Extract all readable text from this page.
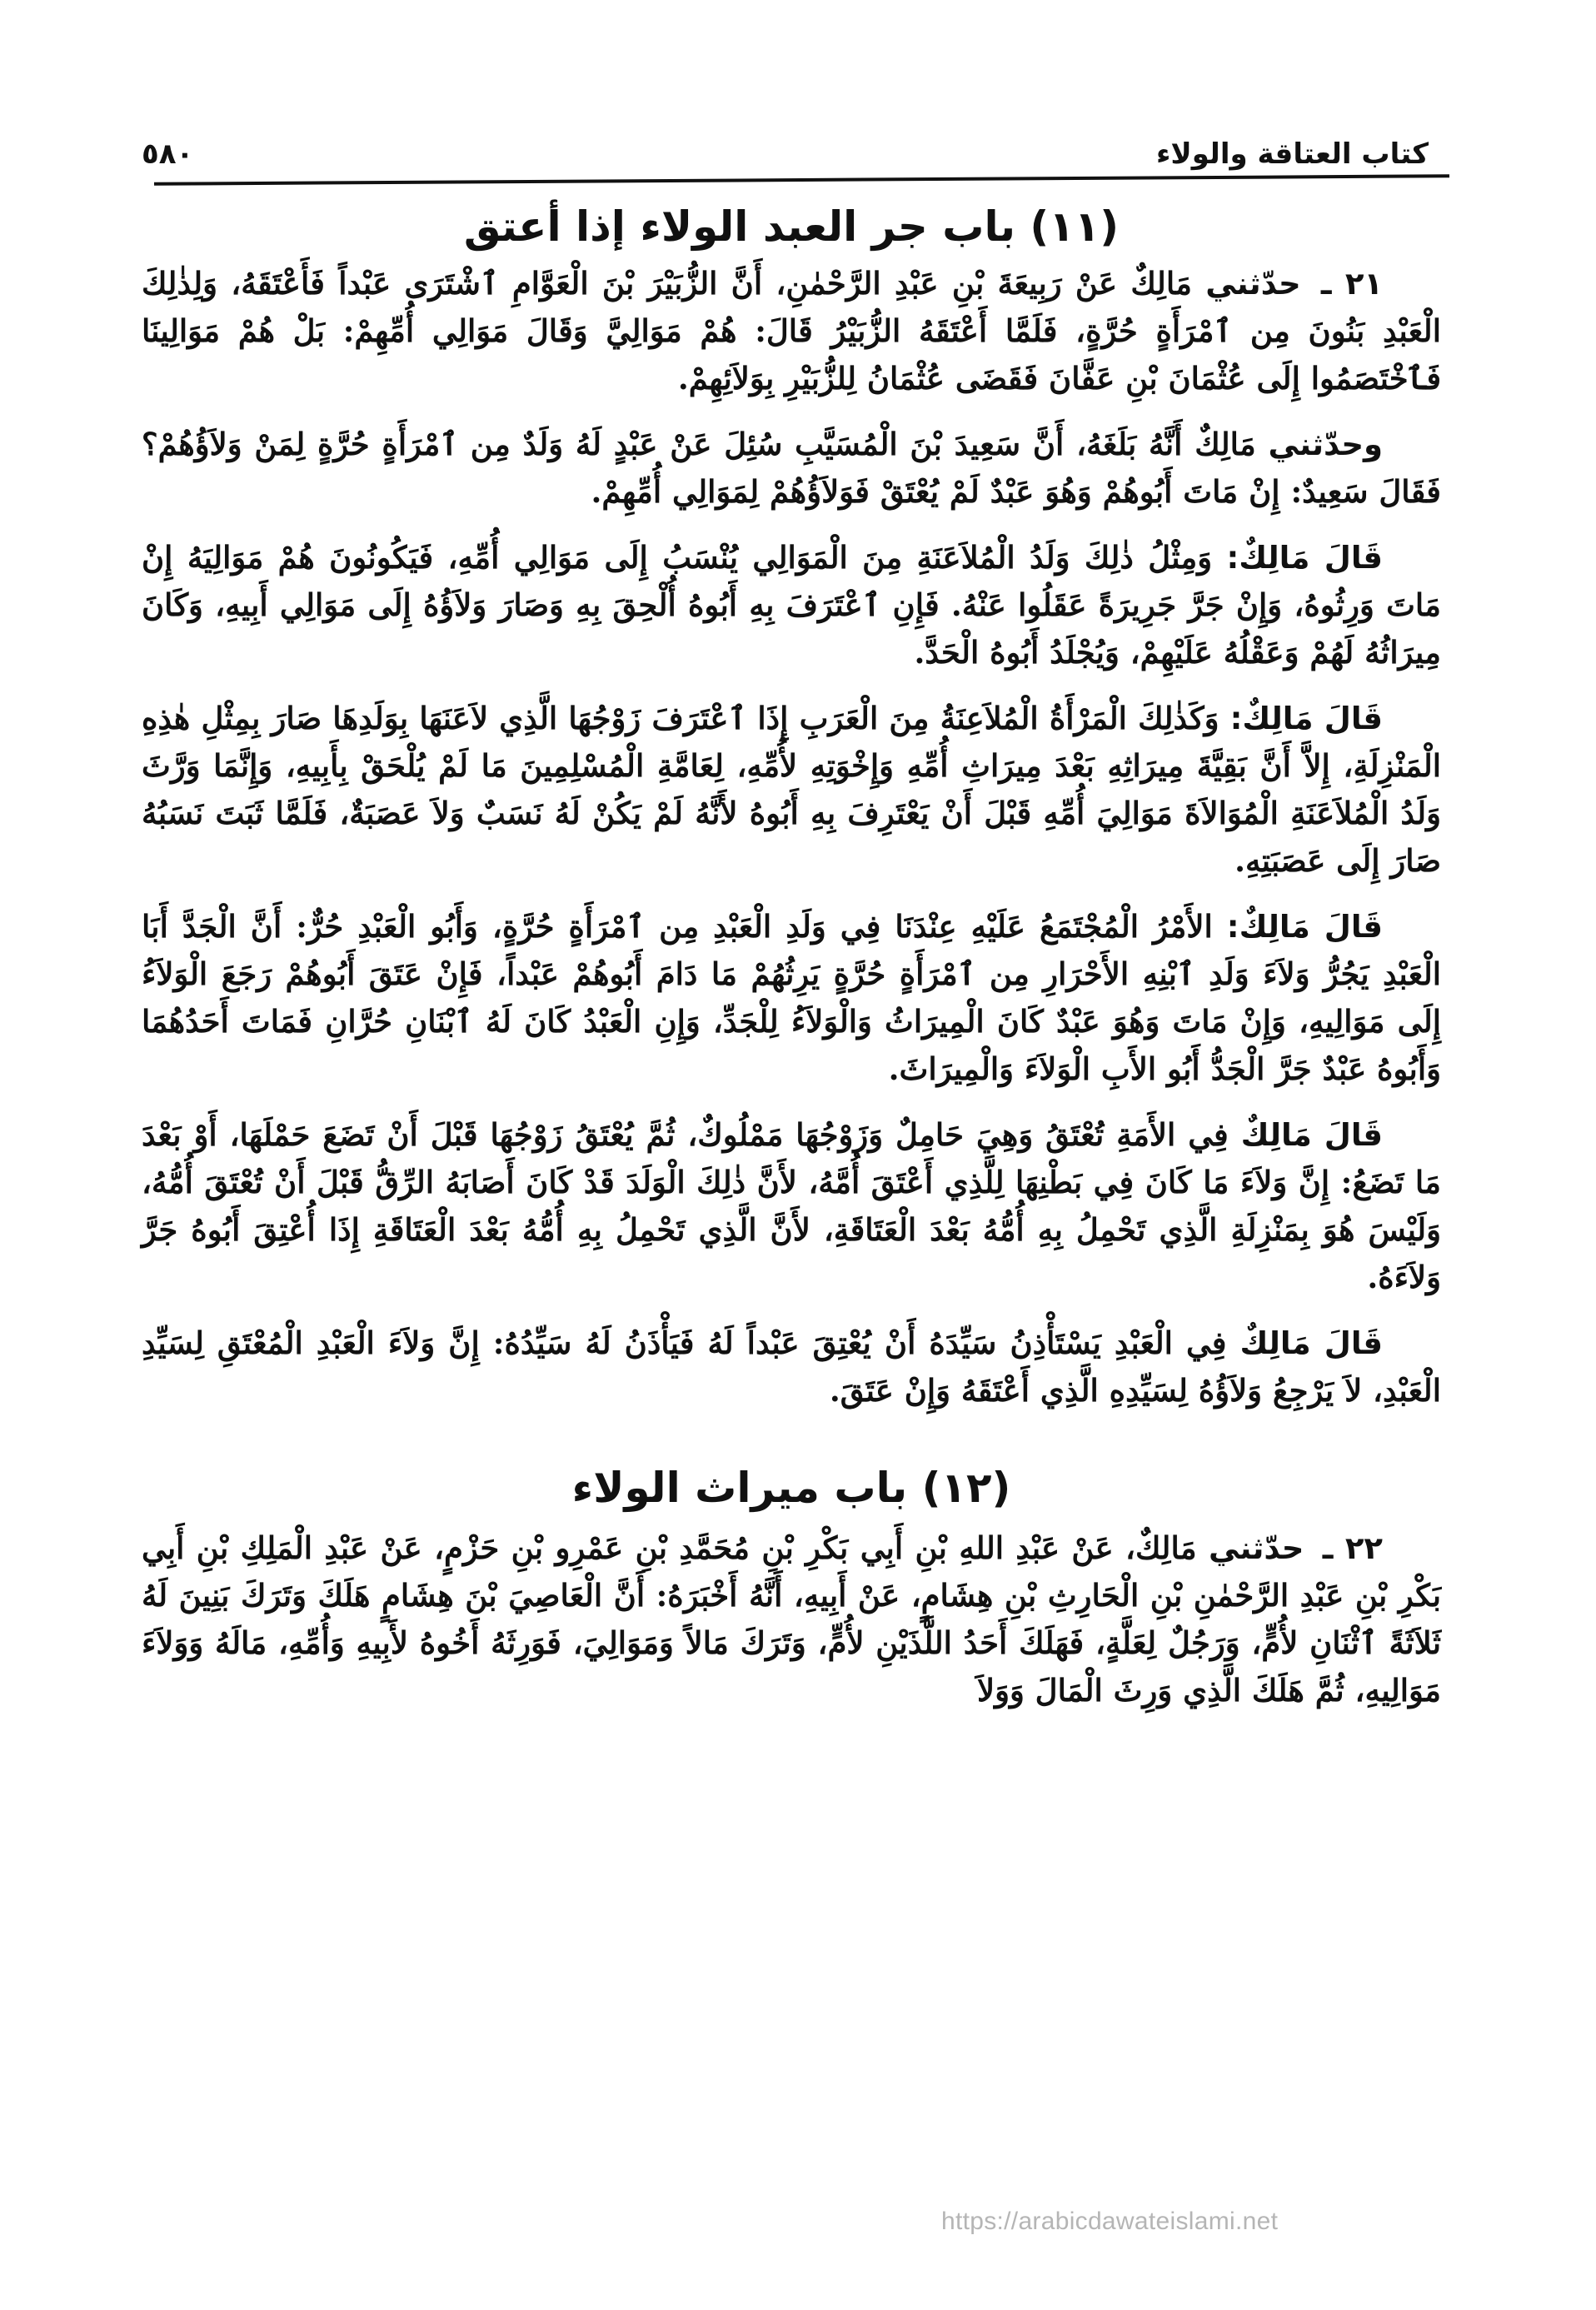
كتاب العتاقة والولاء
٥٨٠
(١١) باب جر العبد الولاء إذا أعتق

٢١ ـ حدّثني مَالِكٌ عَنْ رَبِيعَةَ بْنِ عَبْدِ الرَّحْمٰنِ، أَنَّ الزُّبَيْرَ بْنَ الْعَوَّامِ ٱشْتَرَى عَبْداً فَأَعْتَقَهُ، وَلِذٰلِكَ الْعَبْدِ بَنُونَ مِن ٱمْرَأَةٍ حُرَّةٍ، فَلَمَّا أَعْتَقَهُ الزُّبَيْرُ قَالَ: هُمْ مَوَالِيَّ وَقَالَ مَوَالِي أُمِّهِمْ: بَلْ هُمْ مَوَالِينَا فَٱخْتَصَمُوا إِلَى عُثْمَانَ بْنِ عَفَّانَ فَقَضَى عُثْمَانُ لِلزُّبَيْرِ بِوَلاَئِهِمْ.

وحدّثني مَالِكٌ أَنَّهُ بَلَغَهُ، أَنَّ سَعِيدَ بْنَ الْمُسَيَّبِ سُئِلَ عَنْ عَبْدٍ لَهُ وَلَدٌ مِن ٱمْرَأَةٍ حُرَّةٍ لِمَنْ وَلاَؤُهُمْ؟ فَقَالَ سَعِيدٌ: إِنْ مَاتَ أَبُوهُمْ وَهُوَ عَبْدٌ لَمْ يُعْتَقْ فَوَلاَؤُهُمْ لِمَوَالِي أُمِّهِمْ.

قَالَ مَالِكٌ: وَمِثْلُ ذٰلِكَ وَلَدُ الْمُلاَعَنَةِ مِنَ الْمَوَالِي يُنْسَبُ إِلَى مَوَالِي أُمِّهِ، فَيَكُونُونَ هُمْ مَوَالِيَهُ إِنْ مَاتَ وَرِثُوهُ، وَإِنْ جَرَّ جَرِيرَةً عَقَلُوا عَنْهُ. فَإِنِ ٱعْتَرَفَ بِهِ أَبُوهُ أُلْحِقَ بِهِ وَصَارَ وَلاَؤُهُ إِلَى مَوَالِي أَبِيهِ، وَكَانَ مِيرَاثُهُ لَهُمْ وَعَقْلُهُ عَلَيْهِمْ، وَيُجْلَدُ أَبُوهُ الْحَدَّ.

قَالَ مَالِكٌ: وَكَذٰلِكَ الْمَرْأَةُ الْمُلاَعِنَةُ مِنَ الْعَرَبِ إِذَا ٱعْتَرَفَ زَوْجُهَا الَّذِي لاَعَنَهَا بِوَلَدِهَا صَارَ بِمِثْلِ هٰذِهِ الْمَنْزِلَةِ، إِلاَّ أَنَّ بَقِيَّةَ مِيرَاثِهِ بَعْدَ مِيرَاثِ أُمِّهِ وَإِخْوَتِهِ لأُمِّهِ، لِعَامَّةِ الْمُسْلِمِينَ مَا لَمْ يُلْحَقْ بِأَبِيهِ، وَإِنَّمَا وَرَّثَ وَلَدُ الْمُلاَعَنَةِ الْمُوَالاَةَ مَوَالِيَ أُمِّهِ قَبْلَ أَنْ يَعْتَرِفَ بِهِ أَبُوهُ لأَنَّهُ لَمْ يَكُنْ لَهُ نَسَبٌ وَلاَ عَصَبَةٌ، فَلَمَّا ثَبَتَ نَسَبُهُ صَارَ إِلَى عَصَبَتِهِ.

قَالَ مَالِكٌ: الأَمْرُ الْمُجْتَمَعُ عَلَيْهِ عِنْدَنَا فِي وَلَدِ الْعَبْدِ مِن ٱمْرَأَةٍ حُرَّةٍ، وَأَبُو الْعَبْدِ حُرٌّ: أَنَّ الْجَدَّ أَبَا الْعَبْدِ يَجُرُّ وَلاَءَ وَلَدِ ٱبْنِهِ الأَحْرَارِ مِن ٱمْرَأَةٍ حُرَّةٍ يَرِثُهُمْ مَا دَامَ أَبُوهُمْ عَبْداً، فَإِنْ عَتَقَ أَبُوهُمْ رَجَعَ الْوَلاَءُ إِلَى مَوَالِيهِ، وَإِنْ مَاتَ وَهُوَ عَبْدٌ كَانَ الْمِيرَاثُ وَالْوَلاَءُ لِلْجَدِّ، وَإِنِ الْعَبْدُ كَانَ لَهُ ٱبْنَانِ حُرَّانِ فَمَاتَ أَحَدُهُمَا وَأَبُوهُ عَبْدٌ جَرَّ الْجَدُّ أَبُو الأَبِ الْوَلاَءَ وَالْمِيرَاثَ.

قَالَ مَالِكٌ فِي الأَمَةِ تُعْتَقُ وَهِيَ حَامِلٌ وَزَوْجُهَا مَمْلُوكٌ، ثُمَّ يُعْتَقُ زَوْجُهَا قَبْلَ أَنْ تَضَعَ حَمْلَهَا، أَوْ بَعْدَ مَا تَضَعُ: إِنَّ وَلاَءَ مَا كَانَ فِي بَطْنِهَا لِلَّذِي أَعْتَقَ أُمَّهُ، لأَنَّ ذٰلِكَ الْوَلَدَ قَدْ كَانَ أَصَابَهُ الرِّقُّ قَبْلَ أَنْ تُعْتَقَ أُمُّهُ، وَلَيْسَ هُوَ بِمَنْزِلَةِ الَّذِي تَحْمِلُ بِهِ أُمُّهُ بَعْدَ الْعَتَاقَةِ، لأَنَّ الَّذِي تَحْمِلُ بِهِ أُمُّهُ بَعْدَ الْعَتَاقَةِ إِذَا أُعْتِقَ أَبُوهُ جَرَّ وَلاَءَهُ.

قَالَ مَالِكٌ فِي الْعَبْدِ يَسْتَأْذِنُ سَيِّدَهُ أَنْ يُعْتِقَ عَبْداً لَهُ فَيَأْذَنُ لَهُ سَيِّدُهُ: إِنَّ وَلاَءَ الْعَبْدِ الْمُعْتَقِ لِسَيِّدِ الْعَبْدِ، لاَ يَرْجِعُ وَلاَؤُهُ لِسَيِّدِهِ الَّذِي أَعْتَقَهُ وَإِنْ عَتَقَ.

(١٢) باب ميراث الولاء

٢٢ ـ حدّثني مَالِكٌ، عَنْ عَبْدِ اللهِ بْنِ أَبِي بَكْرِ بْنِ مُحَمَّدِ بْنِ عَمْرِو بْنِ حَزْمٍ، عَنْ عَبْدِ الْمَلِكِ بْنِ أَبِي بَكْرِ بْنِ عَبْدِ الرَّحْمٰنِ بْنِ الْحَارِثِ بْنِ هِشَامٍ، عَنْ أَبِيهِ، أَنَّهُ أَخْبَرَهُ: أَنَّ الْعَاصِيَ بْنَ هِشَامٍ هَلَكَ وَتَرَكَ بَنِينَ لَهُ ثَلاَثَةً ٱثْنَانِ لأُمٍّ، وَرَجُلٌ لِعَلَّةٍ، فَهَلَكَ أَحَدُ اللَّذَيْنِ لأُمٍّ، وَتَرَكَ مَالاً وَمَوَالِيَ، فَوَرِثَهُ أَخُوهُ لأَبِيهِ وَأُمِّهِ، مَالَهُ وَوَلاَءَ مَوَالِيهِ، ثُمَّ هَلَكَ الَّذِي وَرِثَ الْمَالَ وَوَلاَ

https://arabicdawateislami.net
